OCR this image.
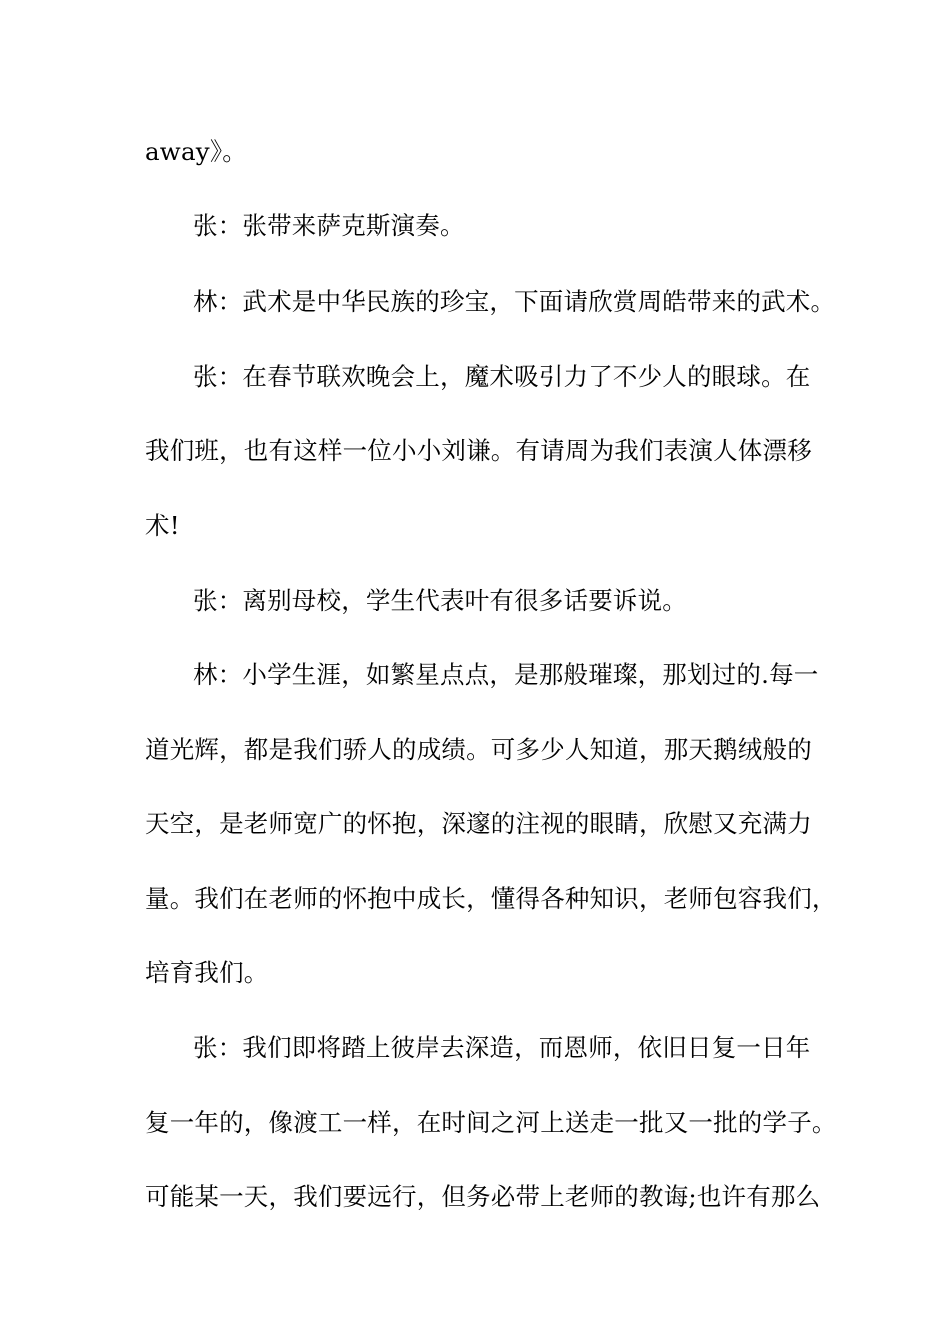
away》。
张：张带来萨克斯演奏。
林：武术是中华民族的珍宝，下面请欣赏周皓带来的武术。
张：在春节联欢晚会上，魔术吸引力了不少人的眼球。在
我们班，也有这样一位小小刘谦。有请周为我们表演人体漂移
术!
张：离别母校，学生代表叶有很多话要诉说。
林：小学生涯，如繁星点点，是那般璀璨，那划过的.每一
道光辉，都是我们骄人的成绩。可多少人知道，那天鹅绒般的
天空，是老师宽广的怀抱，深邃的注视的眼睛，欣慰又充满力
量。我们在老师的怀抱中成长，懂得各种知识，老师包容我们，
培育我们。
张：我们即将踏上彼岸去深造，而恩师，依旧日复一日年
复一年的，像渡工一样，在时间之河上送走一批又一批的学子。
可能某一天，我们要远行，但务必带上老师的教诲;也许有那么
